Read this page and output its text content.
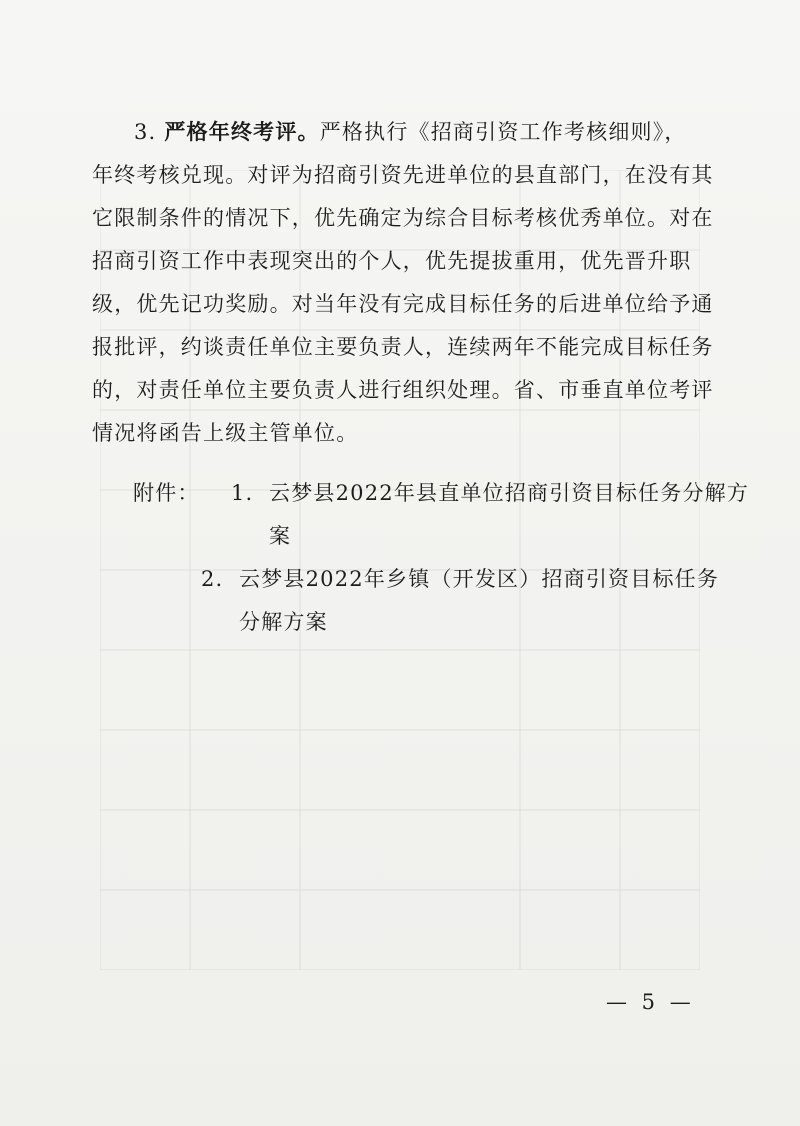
3. 严格年终考评。严格执行《招商引资工作考核细则》，
年终考核兑现。对评为招商引资先进单位的县直部门，在没有其
它限制条件的情况下，优先确定为综合目标考核优秀单位。对在
招商引资工作中表现突出的个人，优先提拔重用，优先晋升职
级，优先记功奖励。对当年没有完成目标任务的后进单位给予通
报批评，约谈责任单位主要负责人，连续两年不能完成目标任务
的，对责任单位主要负责人进行组织处理。省、市垂直单位考评
情况将函告上级主管单位。

附件：	1. 云梦县2022年县直单位招商引资目标任务分解方
案
2. 云梦县2022年乡镇（开发区）招商引资目标任务
分解方案
— 5 —
